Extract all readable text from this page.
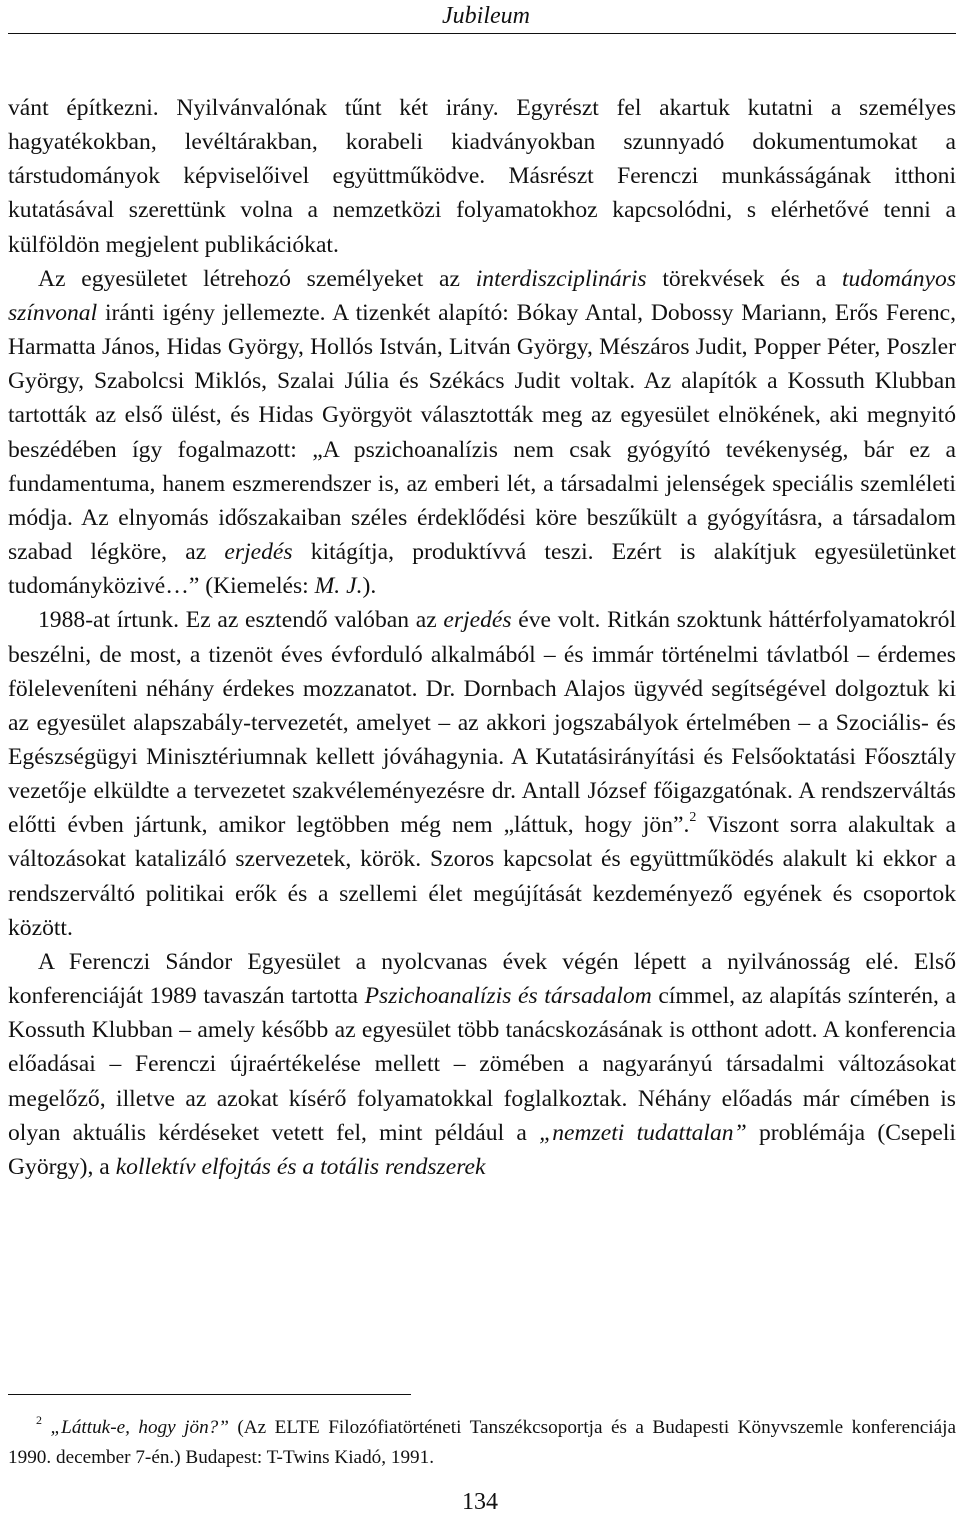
Jubileum

vánt építkezni. Nyilvánvalónak tűnt két irány. Egyrészt fel akartuk kutatni a személyes hagyatékokban, levéltárakban, korabeli kiadványokban szunnyadó dokumentumokat a társtudományok képviselőivel együttműködve. Másrészt Ferenczi munkásságának itthoni kutatásával szerettünk volna a nemzetközi folyamatokhoz kapcsolódni, s elérhetővé tenni a külföldön megjelent publikációkat.

Az egyesületet létrehozó személyeket az interdiszciplináris törekvések és a tudományos színvonal iránti igény jellemezte. A tizenkét alapító: Bókay Antal, Dobossy Mariann, Erős Ferenc, Harmatta János, Hidas György, Hollós István, Litván György, Mészáros Judit, Popper Péter, Poszler György, Szabolcsi Miklós, Szalai Júlia és Székács Judit voltak. Az alapítók a Kossuth Klubban tartották az első ülést, és Hidas Györgyöt választották meg az egyesület elnökének, aki megnyitó beszédében így fogalmazott: „A pszichoanalízis nem csak gyógyító tevékenység, bár ez a fundamentuma, hanem eszmerendszer is, az emberi lét, a társadalmi jelenségek speciális szemléleti módja. Az elnyomás időszakaiban széles érdeklődési köre beszűkült a gyógyításra, a társadalom szabad légköre, az erjedés kitágítja, produktívvá teszi. Ezért is alakítjuk egyesületünket tudományközivé…” (Kiemelés: M. J.).

1988-at írtunk. Ez az esztendő valóban az erjedés éve volt. Ritkán szoktunk háttérfolyamatokról beszélni, de most, a tizenöt éves évforduló alkalmából – és immár történelmi távlatból – érdemes föleleveníteni néhány érdekes mozzanatot. Dr. Dornbach Alajos ügyvéd segítségével dolgoztuk ki az egyesület alapszabály-tervezetét, amelyet – az akkori jogszabályok értelmében – a Szociális- és Egészségügyi Minisztériumnak kellett jóváhagynia. A Kutatásirányítási és Felsőoktatási Főosztály vezetője elküldte a tervezetet szakvéleményezésre dr. Antall József főigazgatónak. A rendszerváltás előtti évben jártunk, amikor legtöbben még nem „láttuk, hogy jön”.$^2$ Viszont sorra alakultak a változásokat katalizáló szervezetek, körök. Szoros kapcsolat és együttműködés alakult ki ekkor a rendszerváltó politikai erők és a szellemi élet megújítását kezdeményező egyének és csoportok között.

A Ferenczi Sándor Egyesület a nyolcvanas évek végén lépett a nyilvánosság elé. Első konferenciáját 1989 tavaszán tartotta Pszichoanalízis és társadalom címmel, az alapítás színterén, a Kossuth Klubban – amely később az egyesület több tanácskozásának is otthont adott. A konferencia előadásai – Ferenczi újraértékelése mellett – zömében a nagyarányú társadalmi változásokat megelőző, illetve az azokat kísérő folyamatokkal foglalkoztak. Néhány előadás már címében is olyan aktuális kérdéseket vetett fel, mint például a „nemzeti tudattalan” problémája (Csepeli György), a kollektív elfojtás és a totális rendszerek

$^2$ „Láttuk-e, hogy jön?” (Az ELTE Filozófiatörténeti Tanszékcsoportja és a Budapesti Könyvszemle konferenciája 1990. december 7-én.) Budapest: T-Twins Kiadó, 1991.
134
